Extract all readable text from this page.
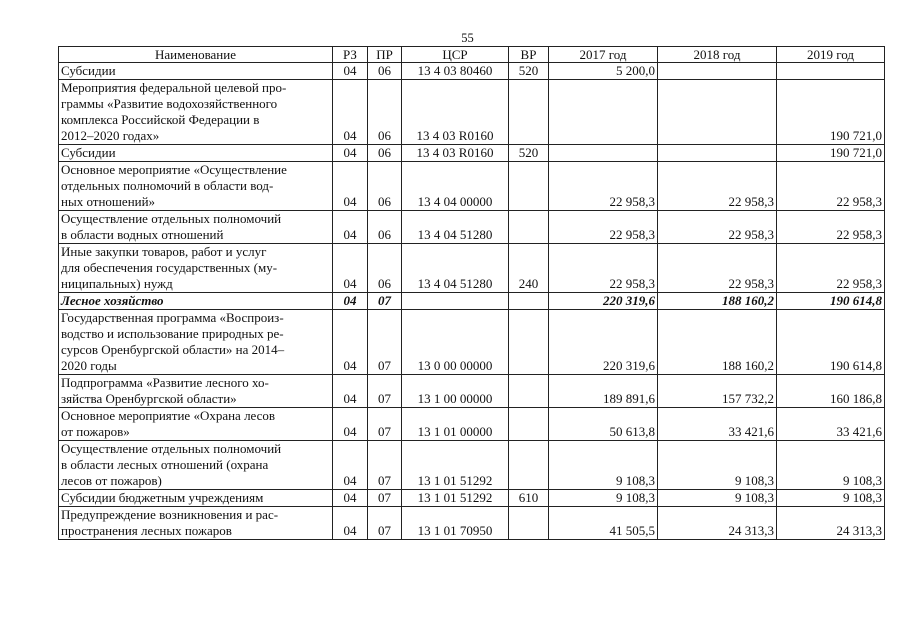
55
Наименование	РЗ	ПР	ЦСР	ВР	2017 год	2018 год	2019 год

Субсидии	04	06	13 4 03 80460	520	5 200,0		

Мероприятия федеральной целевой про-
граммы «Развитие водохозяйственного
комплекса Российской Федерации в
2012–2020 годах»	04	06	13 4 03 R0160				190 721,0

Субсидии	04	06	13 4 03 R0160	520			190 721,0

Основное мероприятие «Осуществление
отдельных полномочий в области вод-
ных отношений»	04	06	13 4 04 00000		22 958,3	22 958,3	22 958,3

Осуществление отдельных полномочий
в области водных отношений	04	06	13 4 04 51280		22 958,3	22 958,3	22 958,3

Иные закупки товаров, работ и услуг
для обеспечения государственных (му-
ниципальных) нужд	04	06	13 4 04 51280	240	22 958,3	22 958,3	22 958,3

Лесное хозяйство	04	07			220 319,6	188 160,2	190 614,8

Государственная программа «Воспроиз-
водство и использование природных ре-
сурсов Оренбургской области» на 2014–
2020 годы	04	07	13 0 00 00000		220 319,6	188 160,2	190 614,8

Подпрограмма «Развитие лесного хо-
зяйства Оренбургской области»	04	07	13 1 00 00000		189 891,6	157 732,2	160 186,8

Основное мероприятие «Охрана лесов
от пожаров»	04	07	13 1 01 00000		50 613,8	33 421,6	33 421,6

Осуществление отдельных полномочий
в области лесных отношений (охрана
лесов от пожаров)	04	07	13 1 01 51292		9 108,3	9 108,3	9 108,3

Субсидии бюджетным учреждениям	04	07	13 1 01 51292	610	9 108,3	9 108,3	9 108,3

Предупреждение возникновения и рас-
пространения лесных пожаров	04	07	13 1 01 70950		41 505,5	24 313,3	24 313,3
